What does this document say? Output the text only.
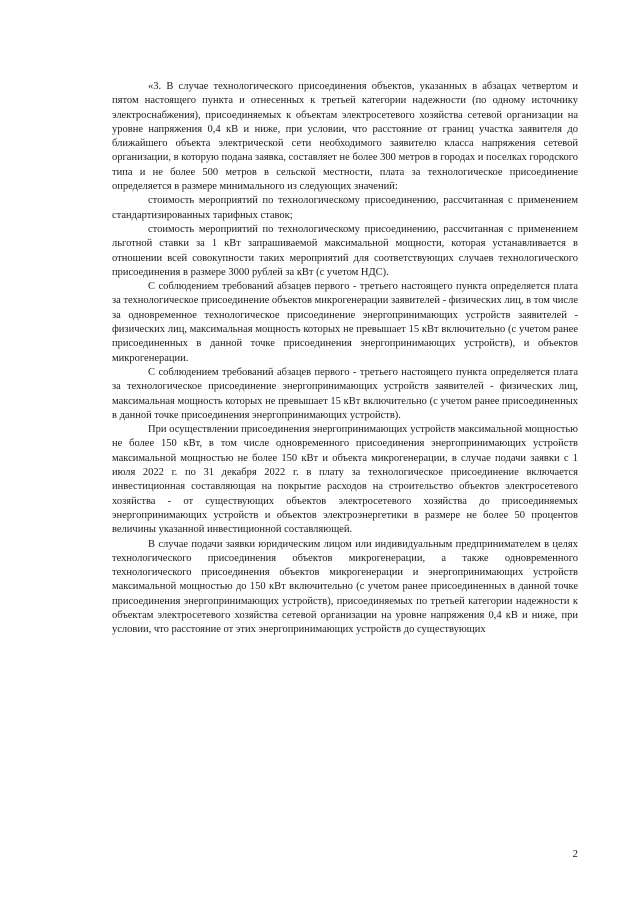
«3. В случае технологического присоединения объектов, указанных в абзацах четвертом и пятом настоящего пункта и отнесенных к третьей категории надежности (по одному источнику электроснабжения), присоединяемых к объектам электросетевого хозяйства сетевой организации на уровне напряжения 0,4 кВ и ниже, при условии, что расстояние от границ участка заявителя до ближайшего объекта электрической сети необходимого заявителю класса напряжения сетевой организации, в которую подана заявка, составляет не более 300 метров в городах и поселках городского типа и не более 500 метров в сельской местности, плата за технологическое присоединение определяется в размере минимального из следующих значений:

стоимость мероприятий по технологическому присоединению, рассчитанная с применением стандартизированных тарифных ставок;

стоимость мероприятий по технологическому присоединению, рассчитанная с применением льготной ставки за 1 кВт запрашиваемой максимальной мощности, которая устанавливается в отношении всей совокупности таких мероприятий для соответствующих случаев технологического присоединения в размере 3000 рублей за кВт (с учетом НДС).

С соблюдением требований абзацев первого - третьего настоящего пункта определяется плата за технологическое присоединение объектов микрогенерации заявителей - физических лиц, в том числе за одновременное технологическое присоединение энергопринимающих устройств заявителей - физических лиц, максимальная мощность которых не превышает 15 кВт включительно (с учетом ранее присоединенных в данной точке присоединения энергопринимающих устройств), и объектов микрогенерации.

С соблюдением требований абзацев первого - третьего настоящего пункта определяется плата за технологическое присоединение энергопринимающих устройств заявителей - физических лиц, максимальная мощность которых не превышает 15 кВт включительно (с учетом ранее присоединенных в данной точке присоединения энергопринимающих устройств).

При осуществлении присоединения энергопринимающих устройств максимальной мощностью не более 150 кВт, в том числе одновременного присоединения энергопринимающих устройств максимальной мощностью не более 150 кВт и объекта микрогенерации, в случае подачи заявки с 1 июля 2022 г. по 31 декабря 2022 г. в плату за технологическое присоединение включается инвестиционная составляющая на покрытие расходов на строительство объектов электросетевого хозяйства - от существующих объектов электросетевого хозяйства до присоединяемых энергопринимающих устройств и объектов электроэнергетики в размере не более 50 процентов величины указанной инвестиционной составляющей.

В случае подачи заявки юридическим лицом или индивидуальным предпринимателем в целях технологического присоединения объектов микрогенерации, а также одновременного технологического присоединения объектов микрогенерации и энергопринимающих устройств максимальной мощностью до 150 кВт включительно (с учетом ранее присоединенных в данной точке присоединения энергопринимающих устройств), присоединяемых по третьей категории надежности к объектам электросетевого хозяйства сетевой организации на уровне напряжения 0,4 кВ и ниже, при условии, что расстояние от этих энергопринимающих устройств до существующих

2
